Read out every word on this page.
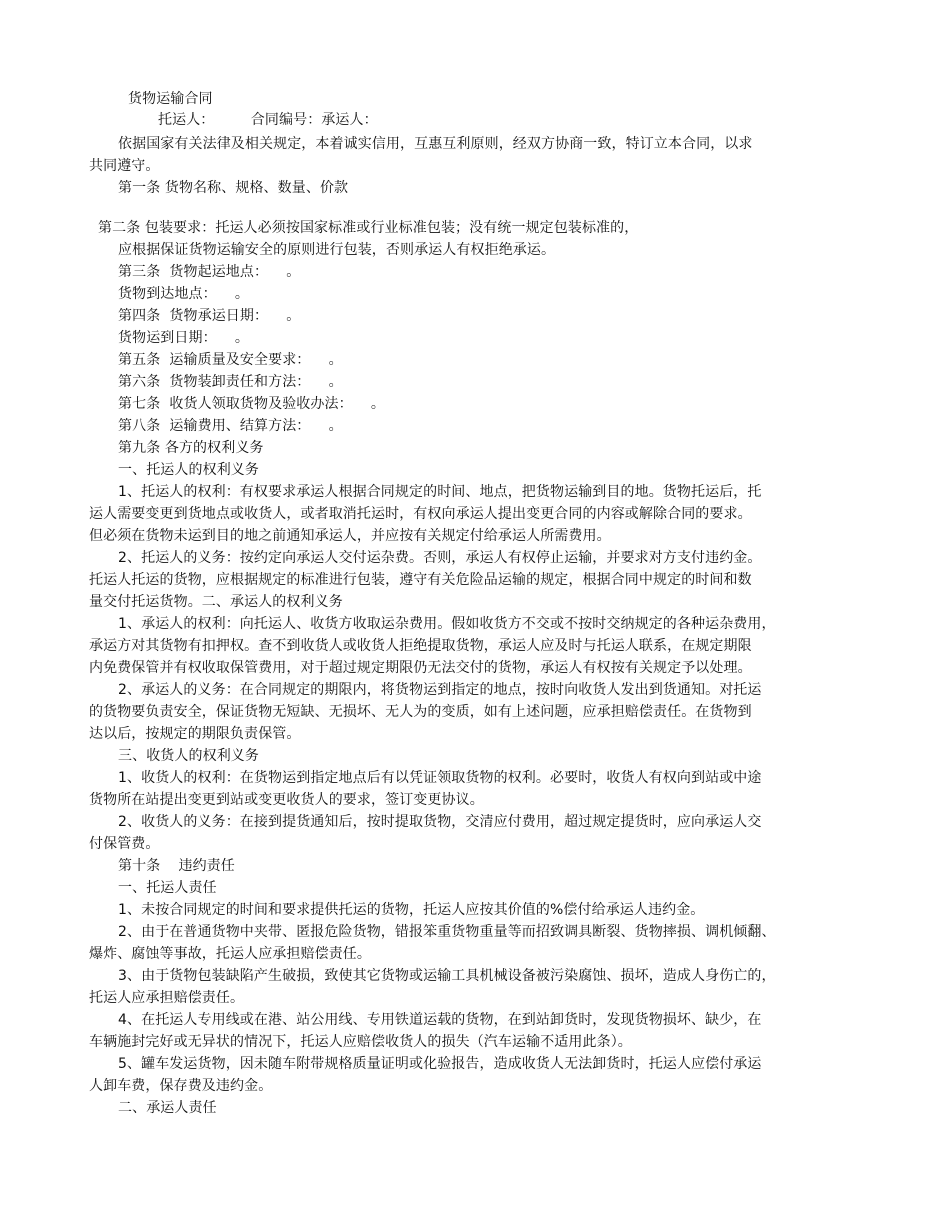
货物运输合同
托运人：        合同编号：承运人：
依据国家有关法律及相关规定，本着诚实信用，互惠互利原则，经双方协商一致，特订立本合同，以求
共同遵守。
第一条 货物名称、规格、数量、价款
第二条 包装要求：托运人必须按国家标准或行业标准包装；没有统一规定包装标准的，
应根据保证货物运输安全的原则进行包装，否则承运人有权拒绝承运。
第三条  货物起运地点：    。
货物到达地点：    。
第四条  货物承运日期：    。
货物运到日期：    。
第五条  运输质量及安全要求：    。
第六条  货物装卸责任和方法：    。
第七条  收货人领取货物及验收办法：    。
第八条  运输费用、结算方法：    。
第九条 各方的权利义务
一、托运人的权利义务
1、托运人的权利：有权要求承运人根据合同规定的时间、地点，把货物运输到目的地。货物托运后，托
运人需要变更到货地点或收货人，或者取消托运时，有权向承运人提出变更合同的内容或解除合同的要求。
但必须在货物未运到目的地之前通知承运人，并应按有关规定付给承运人所需费用。
2、托运人的义务：按约定向承运人交付运杂费。否则，承运人有权停止运输，并要求对方支付违约金。
托运人托运的货物，应根据规定的标准进行包装，遵守有关危险品运输的规定，根据合同中规定的时间和数
量交付托运货物。二、承运人的权利义务
1、承运人的权利：向托运人、收货方收取运杂费用。假如收货方不交或不按时交纳规定的各种运杂费用，
承运方对其货物有扣押权。查不到收货人或收货人拒绝提取货物，承运人应及时与托运人联系，在规定期限
内免费保管并有权收取保管费用，对于超过规定期限仍无法交付的货物，承运人有权按有关规定予以处理。
2、承运人的义务：在合同规定的期限内，将货物运到指定的地点，按时向收货人发出到货通知。对托运
的货物要负责安全，保证货物无短缺、无损坏、无人为的变质，如有上述问题，应承担赔偿责任。在货物到
达以后，按规定的期限负责保管。
三、收货人的权利义务
1、收货人的权利：在货物运到指定地点后有以凭证领取货物的权利。必要时，收货人有权向到站或中途
货物所在站提出变更到站或变更收货人的要求，签订变更协议。
2、收货人的义务：在接到提货通知后，按时提取货物，交清应付费用，超过规定提货时，应向承运人交
付保管费。
第十条    违约责任
一、托运人责任
1、未按合同规定的时间和要求提供托运的货物，托运人应按其价值的%偿付给承运人违约金。
2、由于在普通货物中夹带、匿报危险货物，错报笨重货物重量等而招致调具断裂、货物摔损、调机倾翻、
爆炸、腐蚀等事故，托运人应承担赔偿责任。
3、由于货物包装缺陷产生破损，致使其它货物或运输工具机械设备被污染腐蚀、损坏，造成人身伤亡的，
托运人应承担赔偿责任。
4、在托运人专用线或在港、站公用线、专用铁道运载的货物，在到站卸货时，发现货物损坏、缺少，在
车辆施封完好或无异状的情况下，托运人应赔偿收货人的损失（汽车运输不适用此条）。
5、罐车发运货物，因未随车附带规格质量证明或化验报告，造成收货人无法卸货时，托运人应偿付承运
人卸车费，保存费及违约金。
二、承运人责任
